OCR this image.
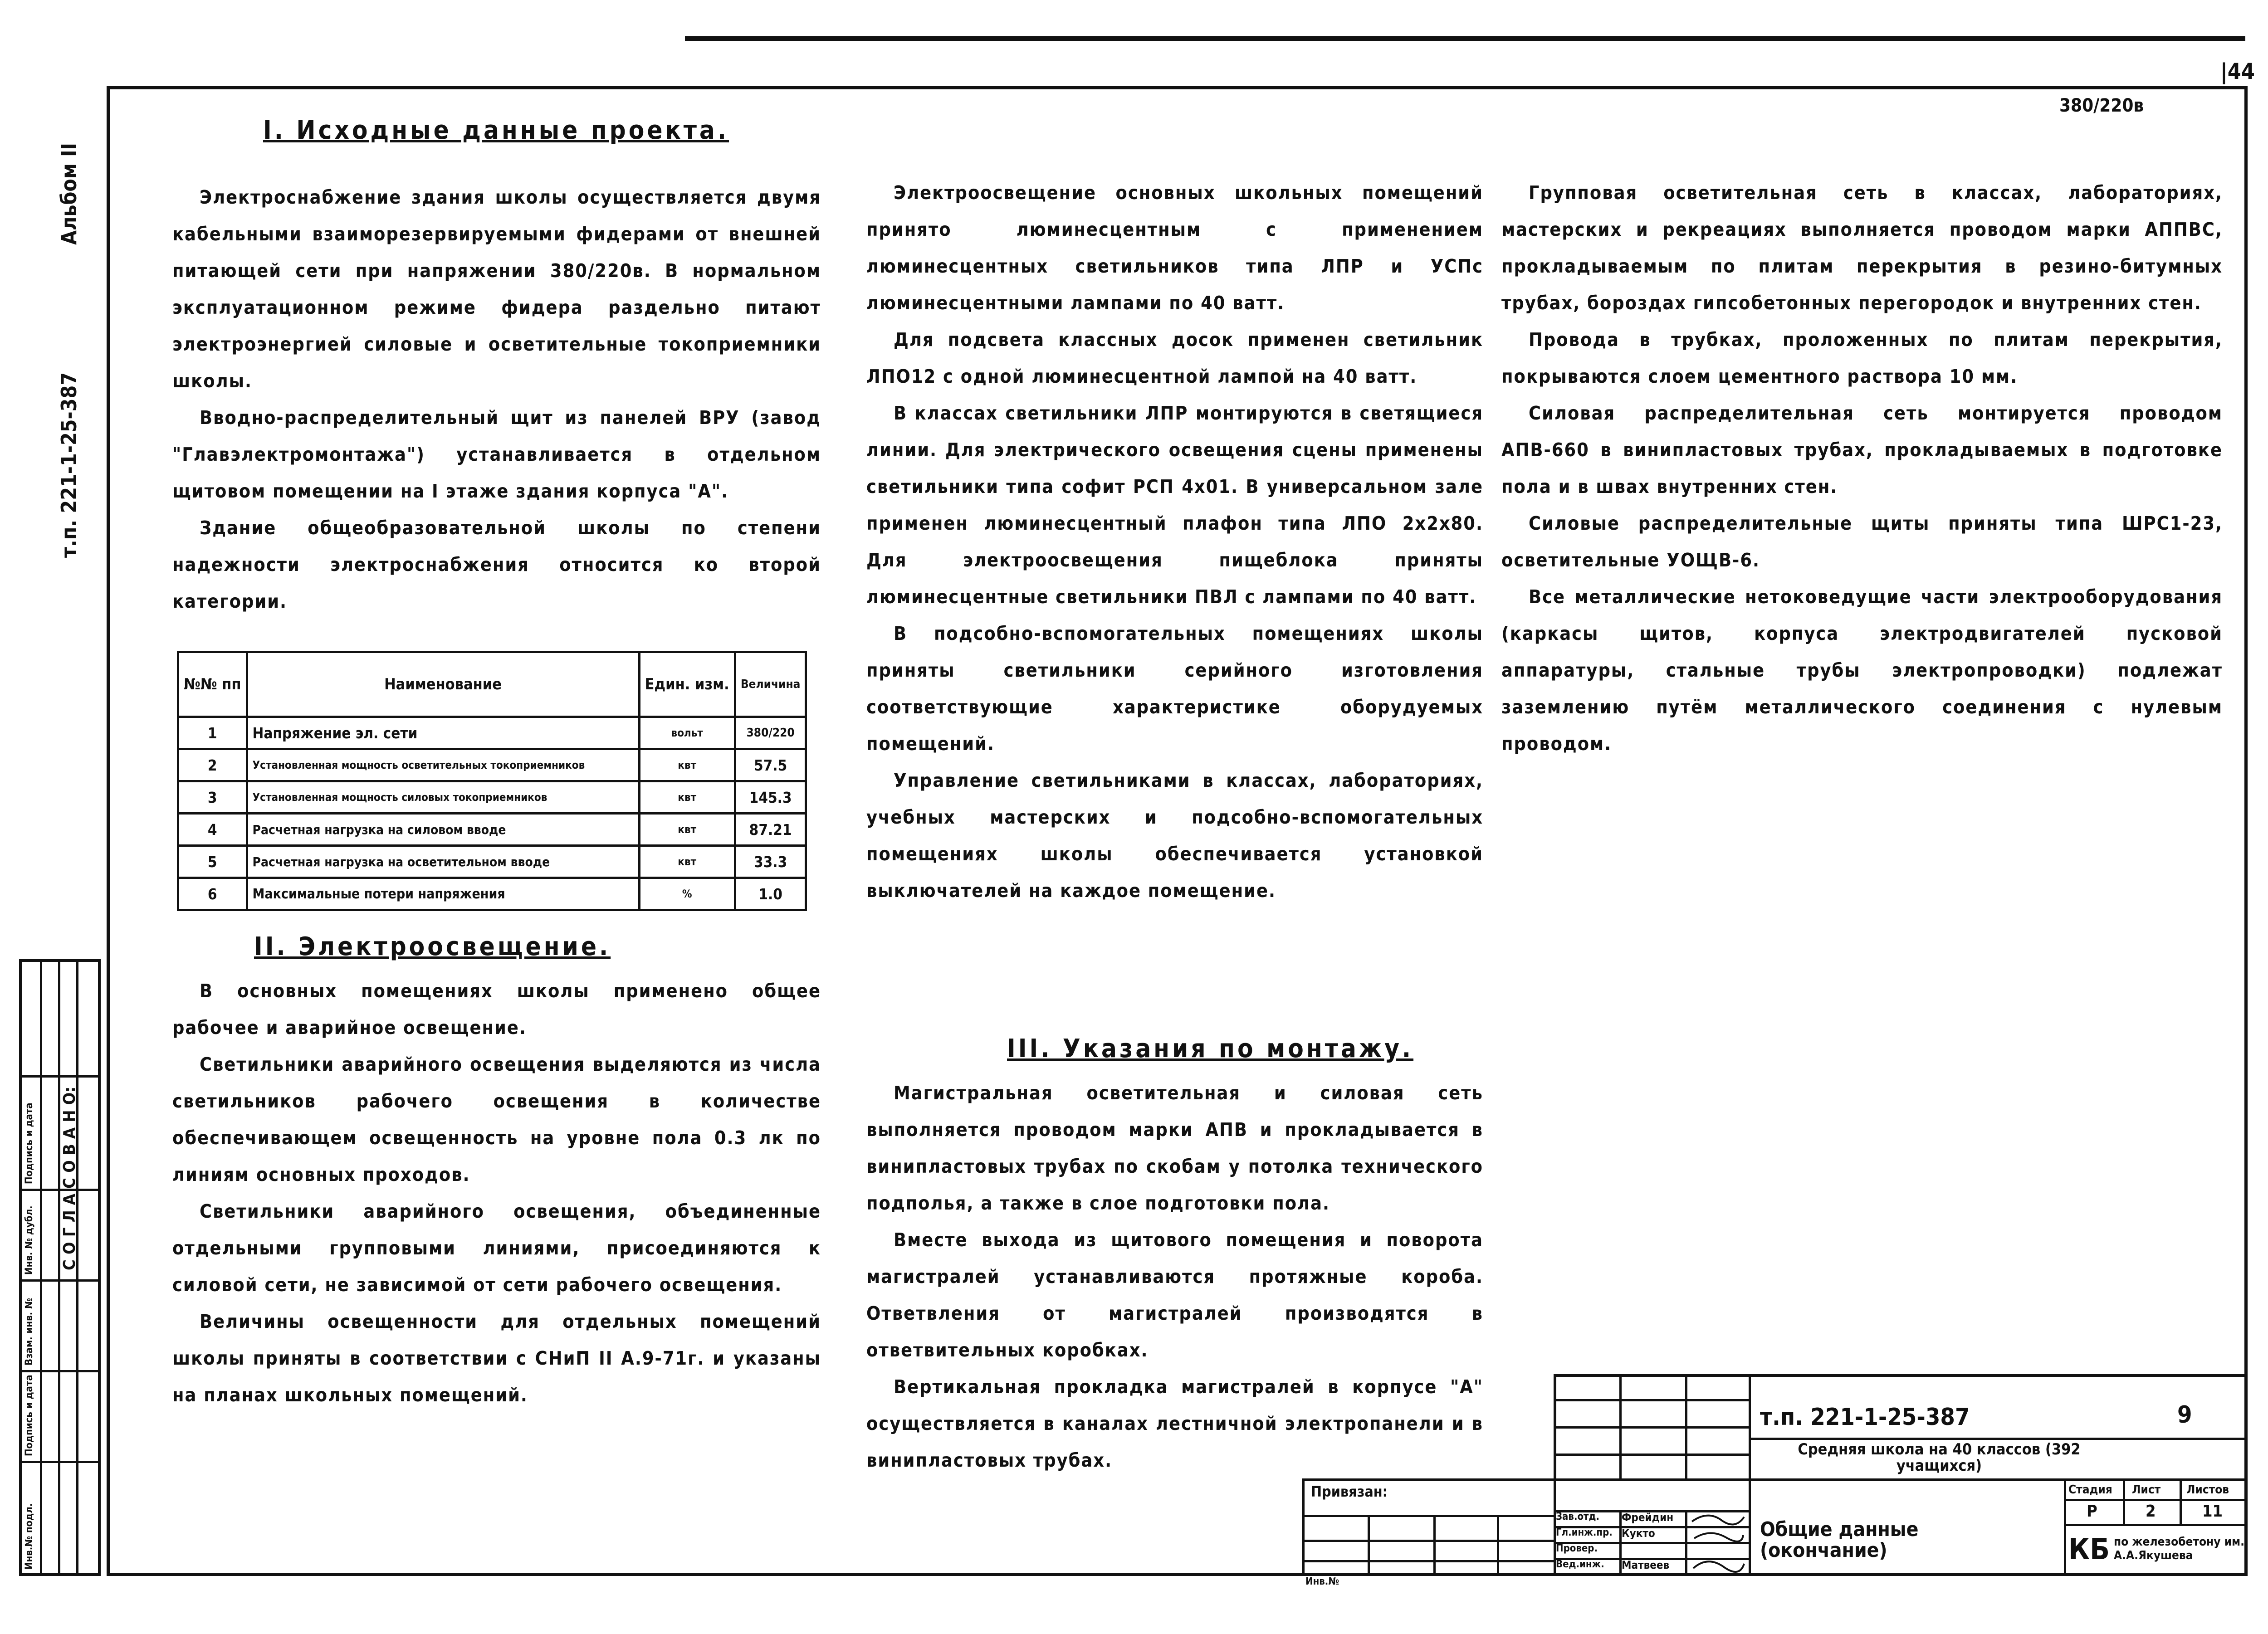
|44
380/220в
Альбом II
т.п. 221-1-25-387
С О Г Л А С О В А Н О:
Инв.№ подл.
Подпись и дата
Взам. инв. №
Инв. № дубл.
Подпись и дата
I. Исходные данные проекта.

Электроснабжение здания школы осуществляется двумя кабельными взаиморезервируемыми фидерами от внешней питающей сети при напряжении 380/220в. В нормальном эксплуатационном режиме фидера раздельно питают электроэнергией силовые и осветительные токоприемники школы.

Вводно-распределительный щит из панелей ВРУ (завод "Главэлектромонтажа") устанавливается в отдельном щитовом помещении на I этаже здания корпуса "А".

Здание общеобразовательной школы по степени надежности электроснабжения относится ко второй категории.

№№ пп	Наименование	Един. изм.	Величина
1	Напряжение эл. сети	вольт	380/220
2	Установленная мощность осветительных токоприемников	квт	57.5
3	Установленная мощность силовых токоприемников	квт	145.3
4	Расчетная нагрузка на силовом вводе	квт	87.21
5	Расчетная нагрузка на осветительном вводе	квт	33.3
6	Максимальные потери напряжения	%	1.0
II. Электроосвещение.

В основных помещениях школы применено общее рабочее и аварийное освещение.

Светильники аварийного освещения выделяются из числа светильников рабочего освещения в количестве обеспечивающем освещенность на уровне пола 0.3 лк по линиям основных проходов.

Светильники аварийного освещения, объединенные отдельными групповыми линиями, присоединяются к силовой сети, не зависимой от сети рабочего освещения.

Величины освещенности для отдельных помещений школы приняты в соответствии с СНиП II А.9-71г. и указаны на планах школьных помещений.

Электроосвещение основных школьных помещений принято люминесцентным с применением люминесцентных светильников типа ЛПР и УСПс люминесцентными лампами по 40 ватт.

Для подсвета классных досок применен светильник ЛПО12 с одной люминесцентной лампой на 40 ватт.

В классах светильники ЛПР монтируются в светящиеся линии. Для электрического освещения сцены применены светильники типа софит РСП 4х01. В универсальном зале применен люминесцентный плафон типа ЛПО 2х2х80. Для электроосвещения пищеблока приняты люминесцентные светильники ПВЛ с лампами по 40 ватт.

В подсобно-вспомогательных помещениях школы приняты светильники серийного изготовления соответствующие характеристике оборудуемых помещений.

Управление светильниками в классах, лабораториях, учебных мастерских и подсобно-вспомогательных помещениях школы обеспечивается установкой выключателей на каждое помещение.

III. Указания по монтажу.

Магистральная осветительная и силовая сеть выполняется проводом марки АПВ и прокладывается в винипластовых трубах по скобам у потолка технического подполья, а также в слое подготовки пола.

Вместе выхода из щитового помещения и поворота магистралей устанавливаются протяжные короба. Ответвления от магистралей производятся в ответвительных коробках.

Вертикальная прокладка магистралей в корпусе "А" осуществляется в каналах лестничной электропанели и в винипластовых трубах.

Групповая осветительная сеть в классах, лабораториях, мастерских и рекреациях выполняется проводом марки АППВС, прокладываемым по плитам перекрытия в резино-битумных трубах, бороздах гипсобетонных перегородок и внутренних стен.

Провода в трубках, проложенных по плитам перекрытия, покрываются слоем цементного раствора 10 мм.

Силовая распределительная сеть монтируется проводом АПВ-660 в винипластовых трубах, прокладываемых в подготовке пола и в швах внутренних стен.

Силовые распределительные щиты приняты типа ШРС1-23, осветительные УОЩВ-6.

Все металлические нетоковедущие части электрооборудования (каркасы щитов, корпуса электродвигателей пусковой аппаратуры, стальные трубы электропроводки) подлежат заземлению путём металлического соединения с нулевым проводом.

т.п. 221-1-25-387	9
Средняя школа на 40 классов (392 учащихся)
Привязан:
Инв.№
Зав.отд.
Гл.инж.пр.
Провер.
Вед.инж.
Фрейдин
Кукто
Матвеев
Стадия Лист Листов
Р	2	11
Общие данные (окончание)	КБ по железобетону им. А.А.Якушева
